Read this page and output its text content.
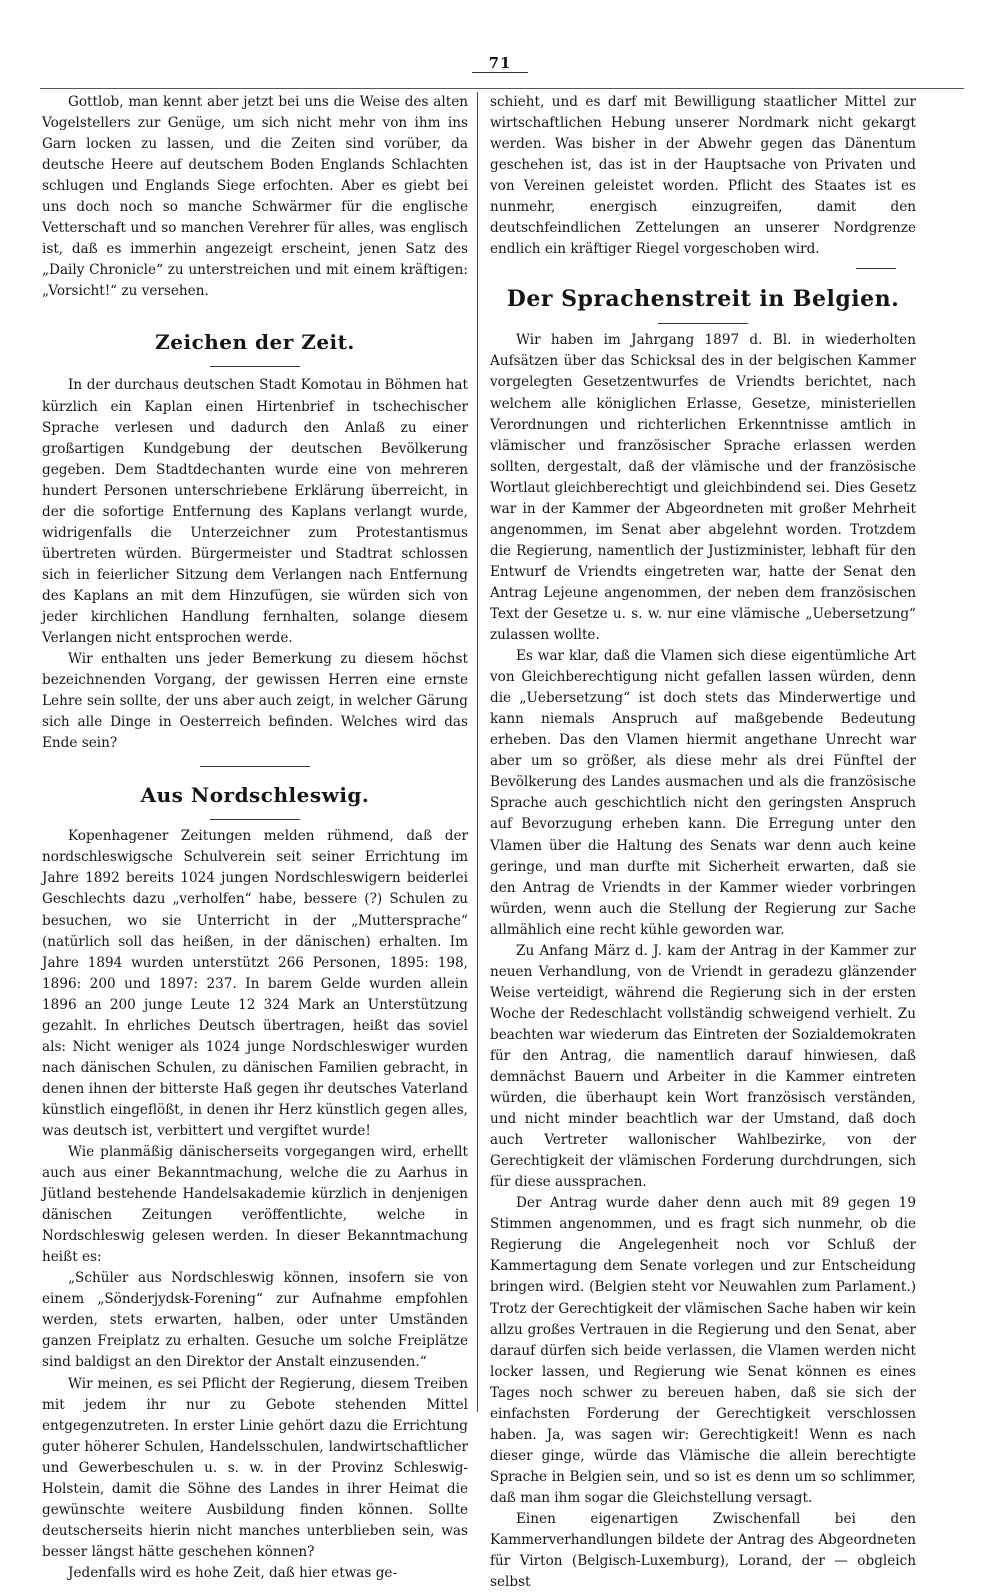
71

Gottlob, man kennt aber jetzt bei uns die Weise des alten Vogelstellers zur Genüge, um sich nicht mehr von ihm ins Garn locken zu lassen, und die Zeiten sind vorüber, da deutsche Heere auf deutschem Boden Englands Schlachten schlugen und Englands Siege erfochten. Aber es giebt bei uns doch noch so manche Schwärmer für die englische Vetterschaft und so manchen Verehrer für alles, was englisch ist, daß es immerhin angezeigt erscheint, jenen Satz des „Daily Chronicle“ zu unterstreichen und mit einem kräftigen: „Vorsicht!“ zu versehen.

Zeichen der Zeit.

In der durchaus deutschen Stadt Komotau in Böhmen hat kürzlich ein Kaplan einen Hirtenbrief in tschechischer Sprache verlesen und dadurch den Anlaß zu einer großartigen Kundgebung der deutschen Bevölkerung gegeben. Dem Stadtdechanten wurde eine von mehreren hundert Personen unterschriebene Erklärung überreicht, in der die sofortige Entfernung des Kaplans verlangt wurde, widrigenfalls die Unterzeichner zum Protestantismus übertreten würden. Bürgermeister und Stadtrat schlossen sich in feierlicher Sitzung dem Verlangen nach Entfernung des Kaplans an mit dem Hinzufügen, sie würden sich von jeder kirchlichen Handlung fernhalten, solange diesem Verlangen nicht entsprochen werde.

Wir enthalten uns jeder Bemerkung zu diesem höchst bezeichnenden Vorgang, der gewissen Herren eine ernste Lehre sein sollte, der uns aber auch zeigt, in welcher Gärung sich alle Dinge in Oesterreich befinden. Welches wird das Ende sein?

Aus Nordschleswig.

Kopenhagener Zeitungen melden rühmend, daß der nordschleswigsche Schulverein seit seiner Errichtung im Jahre 1892 bereits 1024 jungen Nordschleswigern beiderlei Geschlechts dazu „verholfen“ habe, bessere (?) Schulen zu besuchen, wo sie Unterricht in der „Muttersprache“ (natürlich soll das heißen, in der dänischen) erhalten. Im Jahre 1894 wurden unterstützt 266 Personen, 1895: 198, 1896: 200 und 1897: 237. In barem Gelde wurden allein 1896 an 200 junge Leute 12 324 Mark an Unterstützung gezahlt. In ehrliches Deutsch übertragen, heißt das soviel als: Nicht weniger als 1024 junge Nordschleswiger wurden nach dänischen Schulen, zu dänischen Familien gebracht, in denen ihnen der bitterste Haß gegen ihr deutsches Vaterland künstlich eingeflößt, in denen ihr Herz künstlich gegen alles, was deutsch ist, verbittert und vergiftet wurde!

Wie planmäßig dänischerseits vorgegangen wird, erhellt auch aus einer Bekanntmachung, welche die zu Aarhus in Jütland bestehende Handelsakademie kürzlich in denjenigen dänischen Zeitungen veröffentlichte, welche in Nordschleswig gelesen werden. In dieser Bekanntmachung heißt es:

„Schüler aus Nordschleswig können, insofern sie von einem „Sönderjydsk-Forening“ zur Aufnahme empfohlen werden, stets erwarten, halben, oder unter Umständen ganzen Freiplatz zu erhalten. Gesuche um solche Freiplätze sind baldigst an den Direktor der Anstalt einzusenden.“

Wir meinen, es sei Pflicht der Regierung, diesem Treiben mit jedem ihr nur zu Gebote stehenden Mittel entgegenzutreten. In erster Linie gehört dazu die Errichtung guter höherer Schulen, Handelsschulen, landwirtschaftlicher und Gewerbeschulen u. s. w. in der Provinz Schleswig-Holstein, damit die Söhne des Landes in ihrer Heimat die gewünschte weitere Ausbildung finden können. Sollte deutscherseits hierin nicht manches unterblieben sein, was besser längst hätte geschehen können?

Jedenfalls wird es hohe Zeit, daß hier etwas ge-

schieht, und es darf mit Bewilligung staatlicher Mittel zur wirtschaftlichen Hebung unserer Nordmark nicht gekargt werden. Was bisher in der Abwehr gegen das Dänentum geschehen ist, das ist in der Hauptsache von Privaten und von Vereinen geleistet worden. Pflicht des Staates ist es nunmehr, energisch einzugreifen, damit den deutschfeindlichen Zettelungen an unserer Nordgrenze endlich ein kräftiger Riegel vorgeschoben wird.

Der Sprachenstreit in Belgien.

Wir haben im Jahrgang 1897 d. Bl. in wiederholten Aufsätzen über das Schicksal des in der belgischen Kammer vorgelegten Gesetzentwurfes de Vriendts berichtet, nach welchem alle königlichen Erlasse, Gesetze, ministeriellen Verordnungen und richterlichen Erkenntnisse amtlich in vlämischer und französischer Sprache erlassen werden sollten, dergestalt, daß der vlämische und der französische Wortlaut gleichberechtigt und gleichbindend sei. Dies Gesetz war in der Kammer der Abgeordneten mit großer Mehrheit angenommen, im Senat aber abgelehnt worden. Trotzdem die Regierung, namentlich der Justizminister, lebhaft für den Entwurf de Vriendts eingetreten war, hatte der Senat den Antrag Lejeune angenommen, der neben dem französischen Text der Gesetze u. s. w. nur eine vlämische „Uebersetzung“ zulassen wollte.

Es war klar, daß die Vlamen sich diese eigentümliche Art von Gleichberechtigung nicht gefallen lassen würden, denn die „Uebersetzung“ ist doch stets das Minderwertige und kann niemals Anspruch auf maßgebende Bedeutung erheben. Das den Vlamen hiermit angethane Unrecht war aber um so größer, als diese mehr als drei Fünftel der Bevölkerung des Landes ausmachen und als die französische Sprache auch geschichtlich nicht den geringsten Anspruch auf Bevorzugung erheben kann. Die Erregung unter den Vlamen über die Haltung des Senats war denn auch keine geringe, und man durfte mit Sicherheit erwarten, daß sie den Antrag de Vriendts in der Kammer wieder vorbringen würden, wenn auch die Stellung der Regierung zur Sache allmählich eine recht kühle geworden war.

Zu Anfang März d. J. kam der Antrag in der Kammer zur neuen Verhandlung, von de Vriendt in geradezu glänzender Weise verteidigt, während die Regierung sich in der ersten Woche der Redeschlacht vollständig schweigend verhielt. Zu beachten war wiederum das Eintreten der Sozialdemokraten für den Antrag, die namentlich darauf hinwiesen, daß demnächst Bauern und Arbeiter in die Kammer eintreten würden, die überhaupt kein Wort französisch verständen, und nicht minder beachtlich war der Umstand, daß doch auch Vertreter wallonischer Wahlbezirke, von der Gerechtigkeit der vlämischen Forderung durchdrungen, sich für diese aussprachen.

Der Antrag wurde daher denn auch mit 89 gegen 19 Stimmen angenommen, und es fragt sich nunmehr, ob die Regierung die Angelegenheit noch vor Schluß der Kammertagung dem Senate vorlegen und zur Entscheidung bringen wird. (Belgien steht vor Neuwahlen zum Parlament.) Trotz der Gerechtigkeit der vlämischen Sache haben wir kein allzu großes Vertrauen in die Regierung und den Senat, aber darauf dürfen sich beide verlassen, die Vlamen werden nicht locker lassen, und Regierung wie Senat können es eines Tages noch schwer zu bereuen haben, daß sie sich der einfachsten Forderung der Gerechtigkeit verschlossen haben. Ja, was sagen wir: Gerechtigkeit! Wenn es nach dieser ginge, würde das Vlämische die allein berechtigte Sprache in Belgien sein, und so ist es denn um so schlimmer, daß man ihm sogar die Gleichstellung versagt.

Einen eigenartigen Zwischenfall bei den Kammerverhandlungen bildete der Antrag des Abgeordneten für Virton (Belgisch-Luxemburg), Lorand, der — obgleich selbst
